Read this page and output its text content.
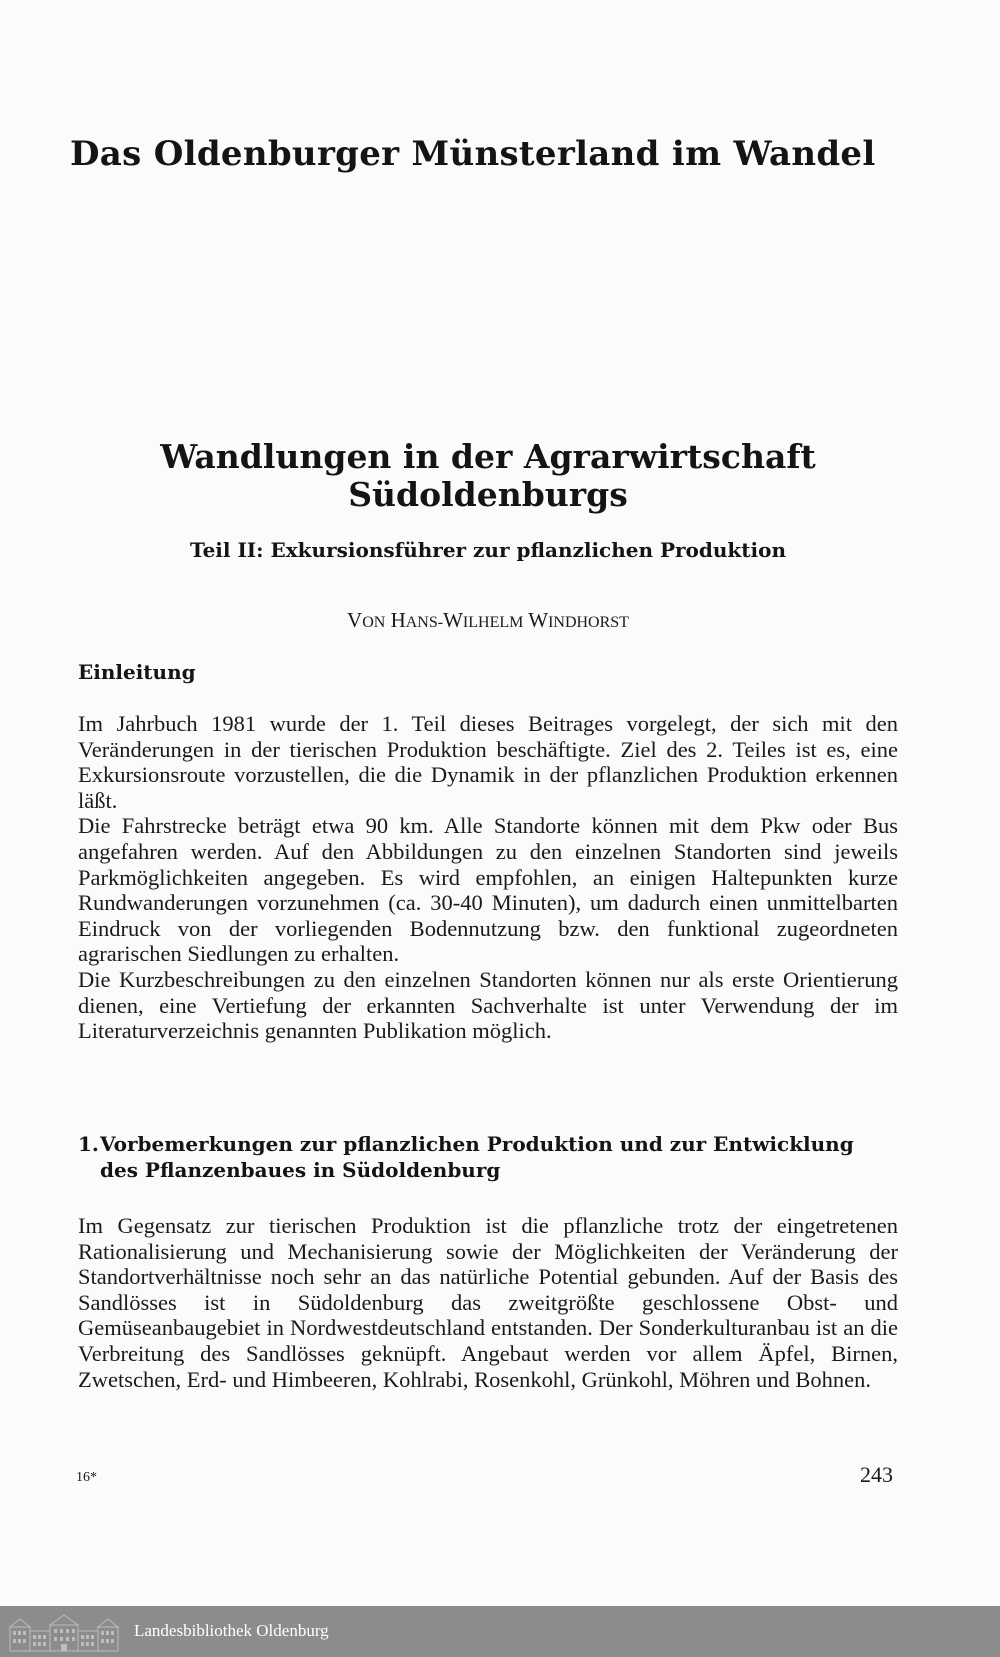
Das Oldenburger Münsterland im Wandel
Wandlungen in der Agrarwirtschaft
Südoldenburgs
Teil II: Exkursionsführer zur pflanzlichen Produktion
VON HANS-WILHELM WINDHORST
Einleitung
Im Jahrbuch 1981 wurde der 1. Teil dieses Beitrages vorgelegt, der sich mit den Veränderungen in der tierischen Produktion beschäftigte. Ziel des 2. Teiles ist es, eine Exkursionsroute vorzustellen, die die Dynamik in der pflanzlichen Produktion erkennen läßt.
Die Fahrstrecke beträgt etwa 90 km. Alle Standorte können mit dem Pkw oder Bus angefahren werden. Auf den Abbildungen zu den einzelnen Standorten sind jeweils Parkmöglichkeiten angegeben. Es wird empfohlen, an einigen Haltepunkten kurze Rundwanderungen vorzunehmen (ca. 30-40 Minuten), um dadurch einen unmittelbarten Eindruck von der vorliegenden Bodennutzung bzw. den funktional zugeordneten agrarischen Siedlungen zu erhalten.
Die Kurzbeschreibungen zu den einzelnen Standorten können nur als erste Orientierung dienen, eine Vertiefung der erkannten Sachverhalte ist unter Verwendung der im Literaturverzeichnis genannten Publikation möglich.
1.Vorbemerkungen zur pflanzlichen Produktion und zur Entwicklung
des Pflanzenbaues in Südoldenburg
Im Gegensatz zur tierischen Produktion ist die pflanzliche trotz der eingetretenen Rationalisierung und Mechanisierung sowie der Möglichkeiten der Veränderung der Standortverhältnisse noch sehr an das natürliche Potential gebunden. Auf der Basis des Sandlösses ist in Südoldenburg das zweitgrößte geschlossene Obst- und Gemüseanbaugebiet in Nordwestdeutschland entstanden. Der Sonderkulturanbau ist an die Verbreitung des Sandlösses geknüpft. Angebaut werden vor allem Äpfel, Birnen, Zwetschen, Erd- und Himbeeren, Kohlrabi, Rosenkohl, Grünkohl, Möhren und Bohnen.
16*	243
Landesbibliothek Oldenburg
